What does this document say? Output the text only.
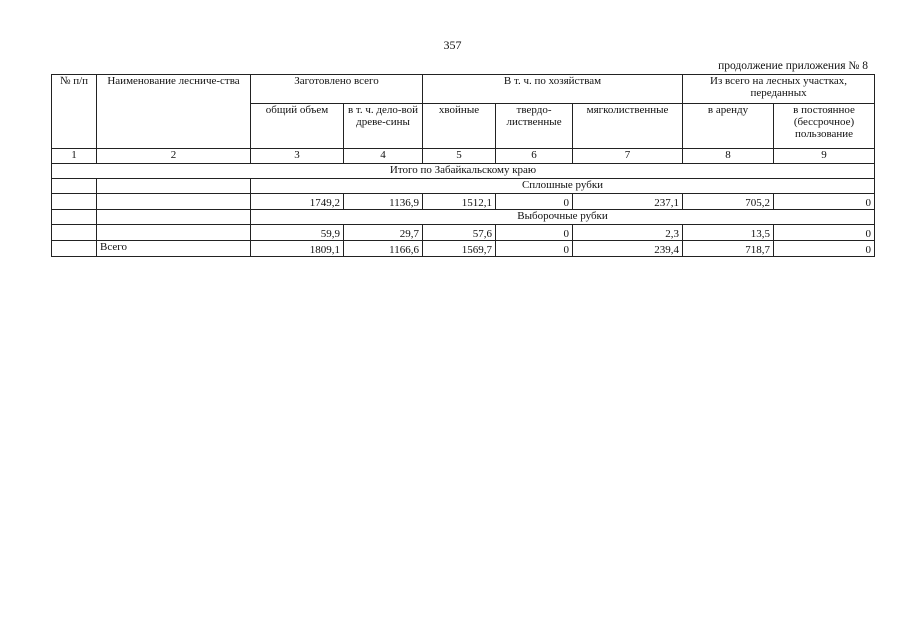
357
продолжение приложения № 8
№ п/п	Наименование лесниче-ства	Заготовлено всего		В т. ч. по хозяйствам			Из всего на лесных участках, переданных	
		общий объем	в т. ч. дело-вой древе-сины	хвойные	твердо-лиственные	мягколиственные	в аренду	в постоянное (бессрочное) пользование
1	2	3	4	5	6	7	8	9
Итого по Забайкальскому краю								
		Сплошные рубки						
		1749,2	1136,9	1512,1	0	237,1	705,2	0
		Выборочные рубки						
		59,9	29,7	57,6	0	2,3	13,5	0
	Всего	1809,1	1166,6	1569,7	0	239,4	718,7	0
